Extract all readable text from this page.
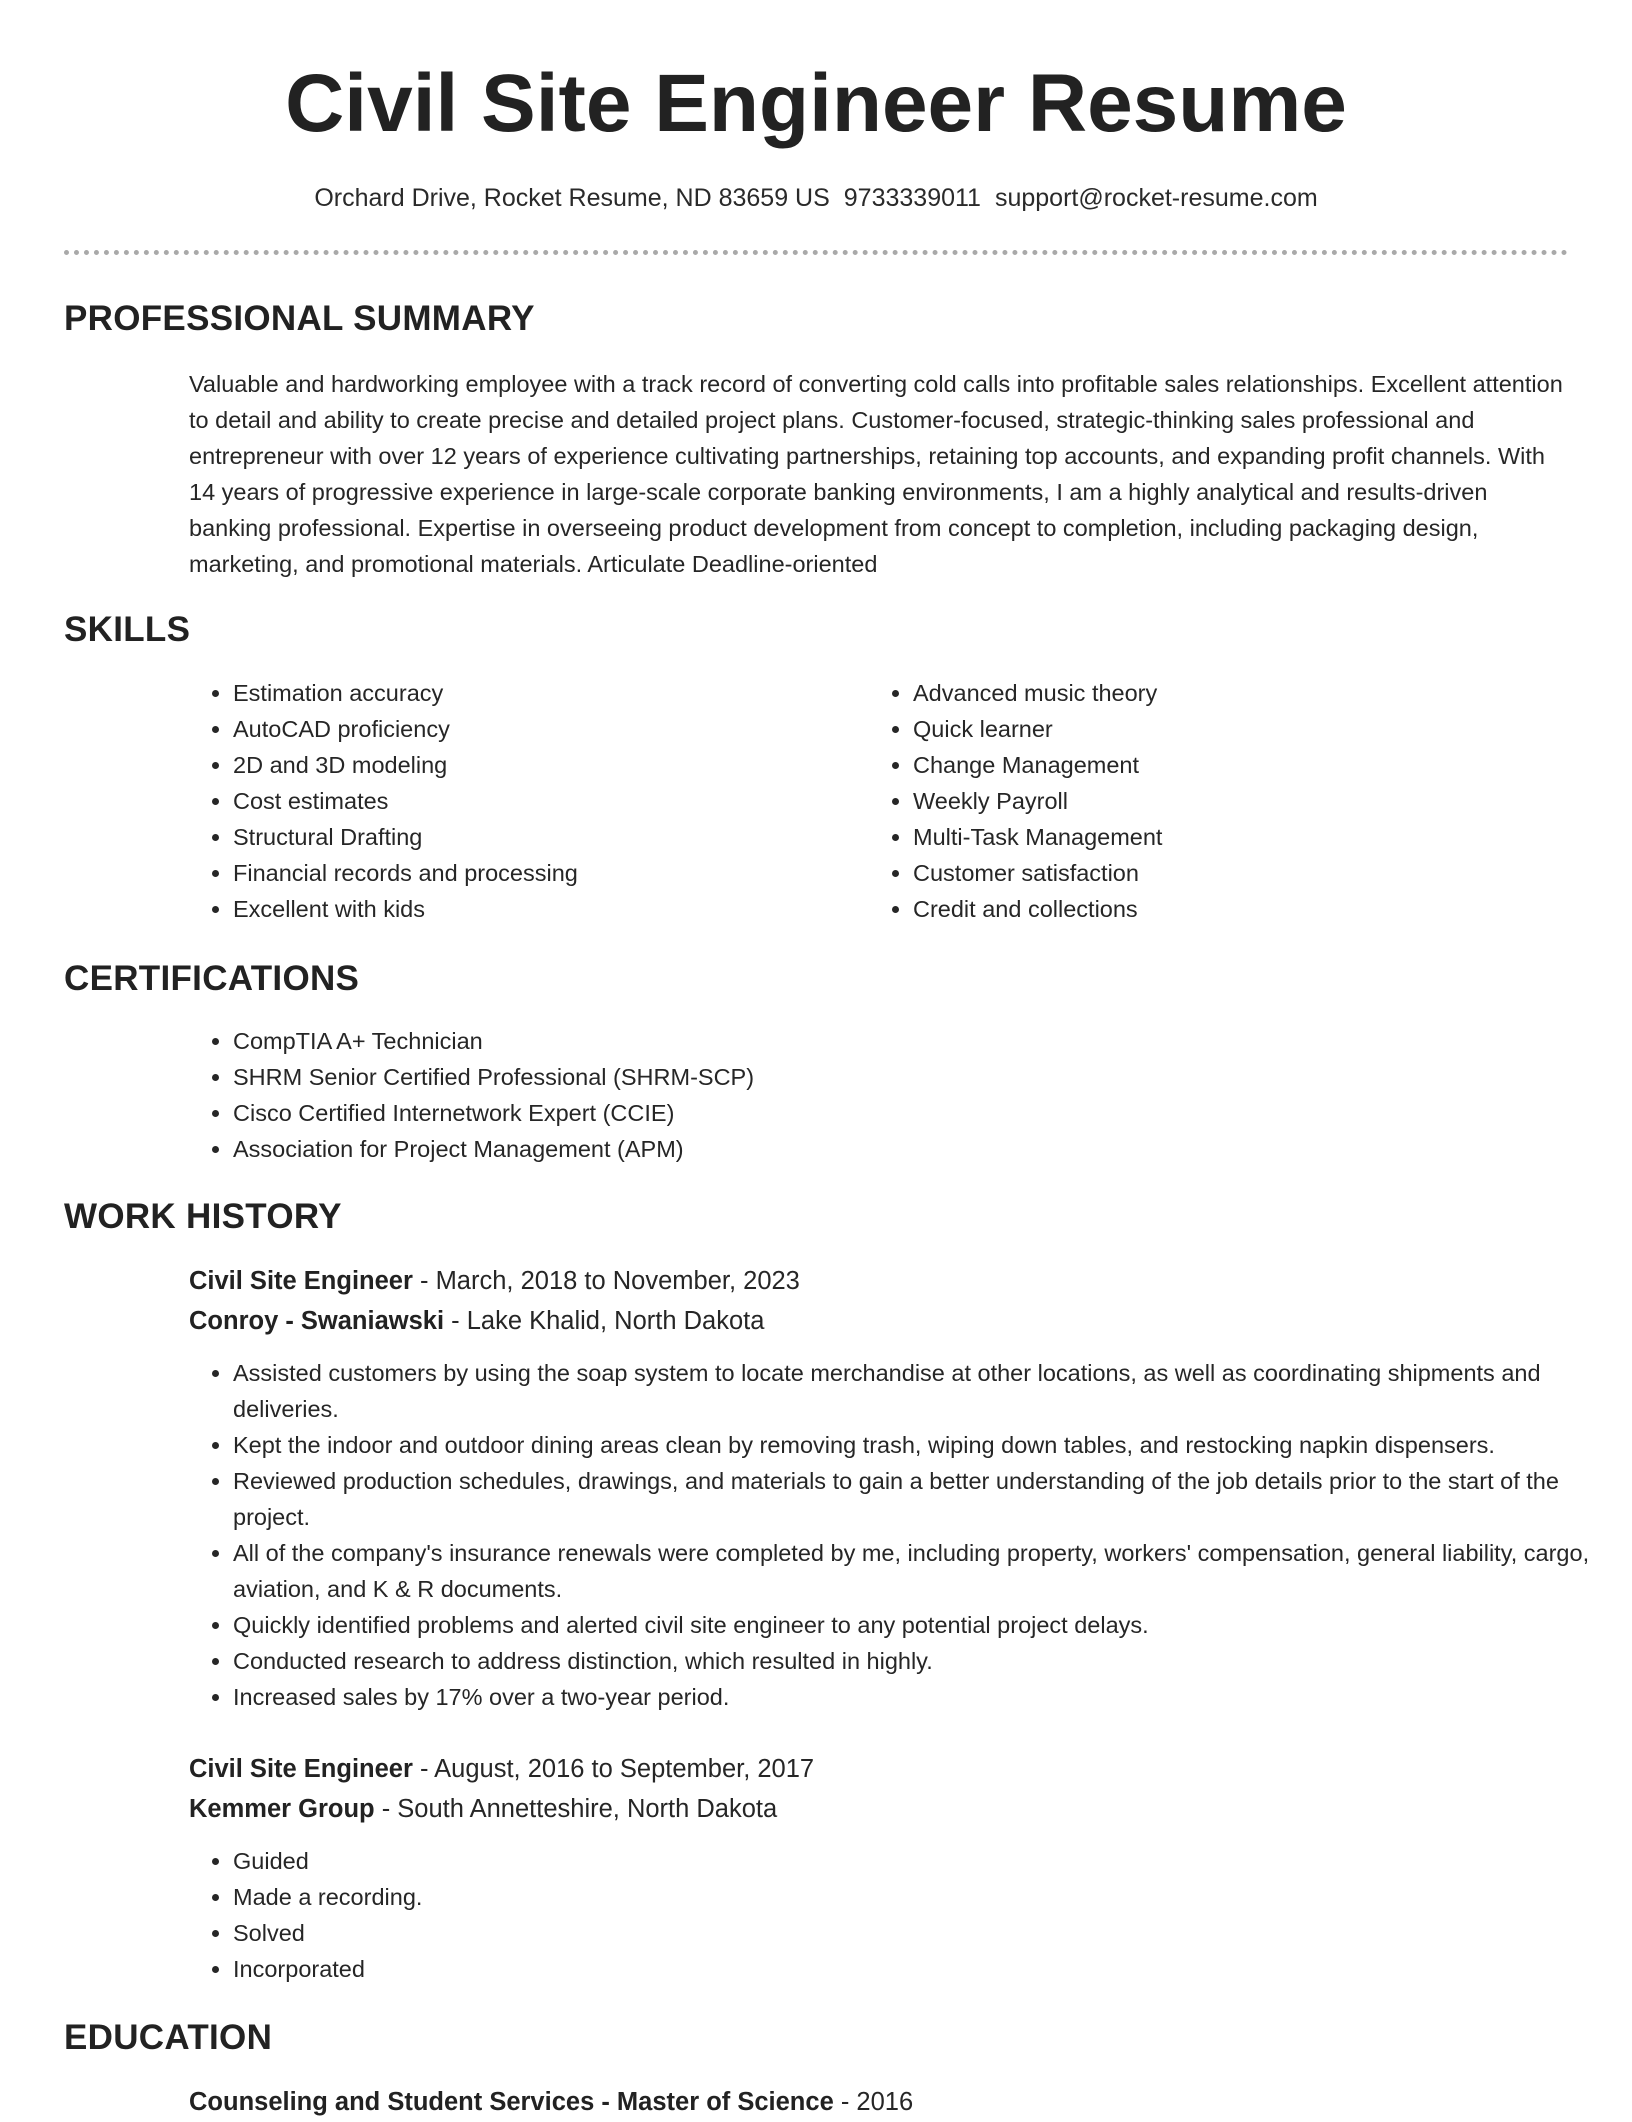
Civil Site Engineer Resume
Orchard Drive, Rocket Resume, ND 83659 US 9733339011 support@rocket-resume.com
PROFESSIONAL SUMMARY

Valuable and hardworking employee with a track record of converting cold calls into profitable sales relationships. Excellent attention to detail and ability to create precise and detailed project plans. Customer-focused, strategic-thinking sales professional and entrepreneur with over 12 years of experience cultivating partnerships, retaining top accounts, and expanding profit channels. With 14 years of progressive experience in large-scale corporate banking environments, I am a highly analytical and results-driven banking professional. Expertise in overseeing product development from concept to completion, including packaging design, marketing, and promotional materials. Articulate Deadline-oriented

SKILLS
• Estimation accuracy
• AutoCAD proficiency
• 2D and 3D modeling
• Cost estimates
• Structural Drafting
• Financial records and processing
• Excellent with kids
• Advanced music theory
• Quick learner
• Change Management
• Weekly Payroll
• Multi-Task Management
• Customer satisfaction
• Credit and collections
CERTIFICATIONS
• CompTIA A+ Technician
• SHRM Senior Certified Professional (SHRM-SCP)
• Cisco Certified Internetwork Expert (CCIE)
• Association for Project Management (APM)
WORK HISTORY
Civil Site Engineer - March, 2018 to November, 2023
Conroy - Swaniawski - Lake Khalid, North Dakota
• Assisted customers by using the soap system to locate merchandise at other locations, as well as coordinating shipments and deliveries.
• Kept the indoor and outdoor dining areas clean by removing trash, wiping down tables, and restocking napkin dispensers.
• Reviewed production schedules, drawings, and materials to gain a better understanding of the job details prior to the start of the project.
• All of the company's insurance renewals were completed by me, including property, workers' compensation, general liability, cargo, aviation, and K & R documents.
• Quickly identified problems and alerted civil site engineer to any potential project delays.
• Conducted research to address distinction, which resulted in highly.
• Increased sales by 17% over a two-year period.
Civil Site Engineer - August, 2016 to September, 2017
Kemmer Group - South Annetteshire, North Dakota
• Guided
• Made a recording.
• Solved
• Incorporated
EDUCATION
Counseling and Student Services - Master of Science - 2016
